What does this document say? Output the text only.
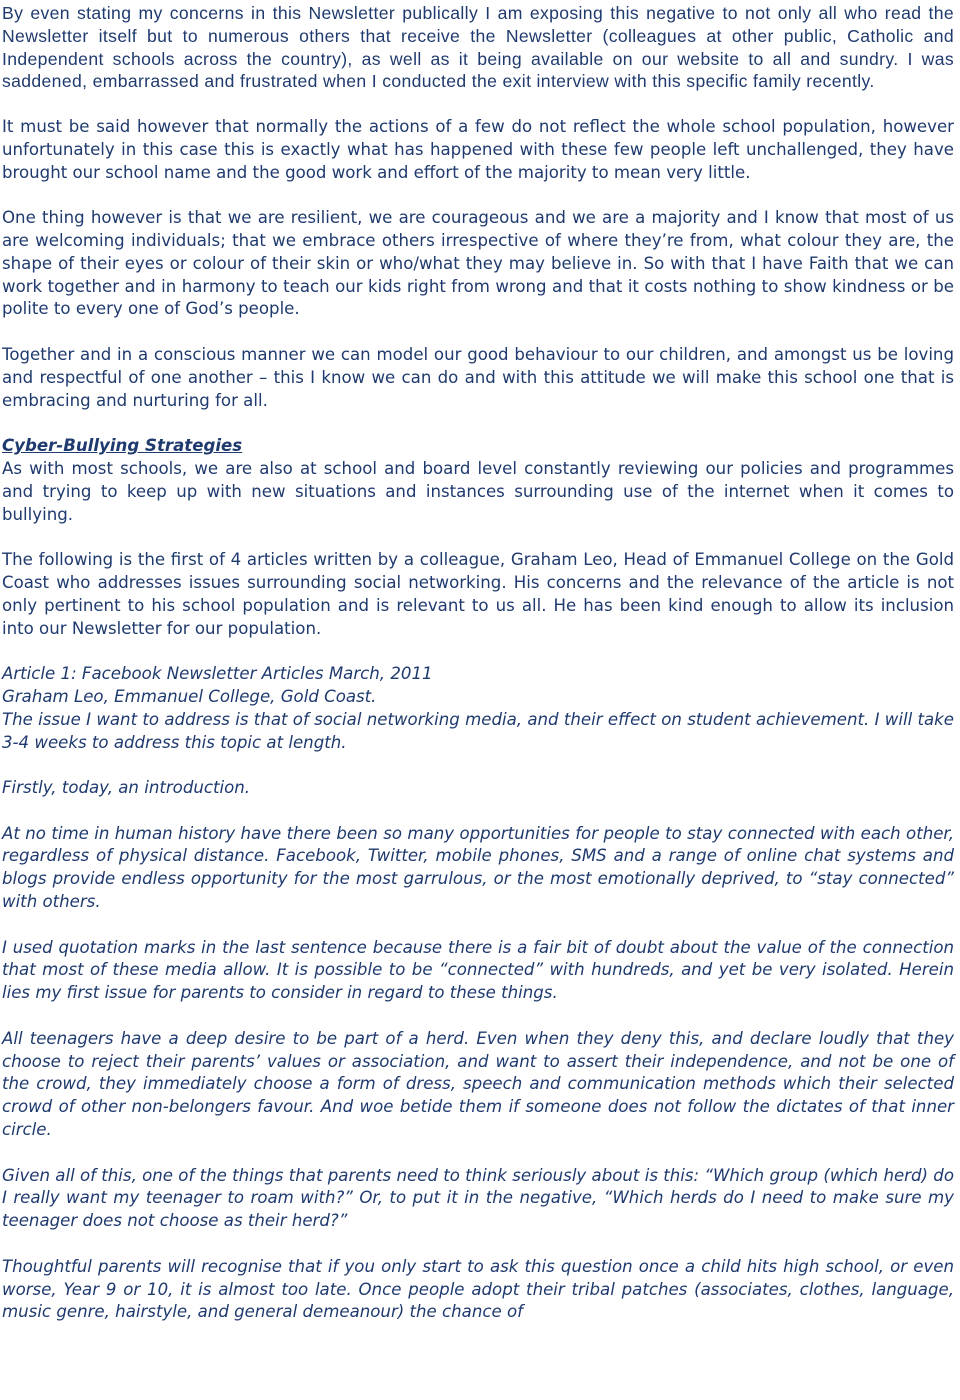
By even stating my concerns in this Newsletter publically I am exposing this negative to not only all who read the Newsletter itself but to numerous others that receive the Newsletter (colleagues at other public, Catholic and Independent schools across the country), as well as it being available on our website to all and sundry. I was saddened, embarrassed and frustrated when I conducted the exit interview with this specific family recently.

It must be said however that normally the actions of a few do not reflect the whole school population, however unfortunately in this case this is exactly what has happened with these few people left unchallenged, they have brought our school name and the good work and effort of the majority to mean very little.

One thing however is that we are resilient, we are courageous and we are a majority and I know that most of us are welcoming individuals; that we embrace others irrespective of where they’re from, what colour they are, the shape of their eyes or colour of their skin or who/what they may believe in. So with that I have Faith that we can work together and in harmony to teach our kids right from wrong and that it costs nothing to show kindness or be polite to every one of God’s people.

Together and in a conscious manner we can model our good behaviour to our children, and amongst us be loving and respectful of one another – this I know we can do and with this attitude we will make this school one that is embracing and nurturing for all.

Cyber-Bullying Strategies

As with most schools, we are also at school and board level constantly reviewing our policies and programmes and trying to keep up with new situations and instances surrounding use of the internet when it comes to bullying.

The following is the first of 4 articles written by a colleague, Graham Leo, Head of Emmanuel College on the Gold Coast who addresses issues surrounding social networking. His concerns and the relevance of the article is not only pertinent to his school population and is relevant to us all. He has been kind enough to allow its inclusion into our Newsletter for our population.

Article 1: Facebook Newsletter Articles March, 2011
Graham Leo, Emmanuel College, Gold Coast.

The issue I want to address is that of social networking media, and their effect on student achievement. I will take 3-4 weeks to address this topic at length.

Firstly, today, an introduction.

At no time in human history have there been so many opportunities for people to stay connected with each other, regardless of physical distance. Facebook, Twitter, mobile phones, SMS and a range of online chat systems and blogs provide endless opportunity for the most garrulous, or the most emotionally deprived, to “stay connected” with others.

I used quotation marks in the last sentence because there is a fair bit of doubt about the value of the connection that most of these media allow. It is possible to be “connected” with hundreds, and yet be very isolated. Herein lies my first issue for parents to consider in regard to these things.

All teenagers have a deep desire to be part of a herd. Even when they deny this, and declare loudly that they choose to reject their parents’ values or association, and want to assert their independence, and not be one of the crowd, they immediately choose a form of dress, speech and communication methods which their selected crowd of other non-belongers favour. And woe betide them if someone does not follow the dictates of that inner circle.

Given all of this, one of the things that parents need to think seriously about is this: “Which group (which herd) do I really want my teenager to roam with?” Or, to put it in the negative, “Which herds do I need to make sure my teenager does not choose as their herd?”

Thoughtful parents will recognise that if you only start to ask this question once a child hits high school, or even worse, Year 9 or 10, it is almost too late. Once people adopt their tribal patches (associates, clothes, language, music genre, hairstyle, and general demeanour) the chance of
